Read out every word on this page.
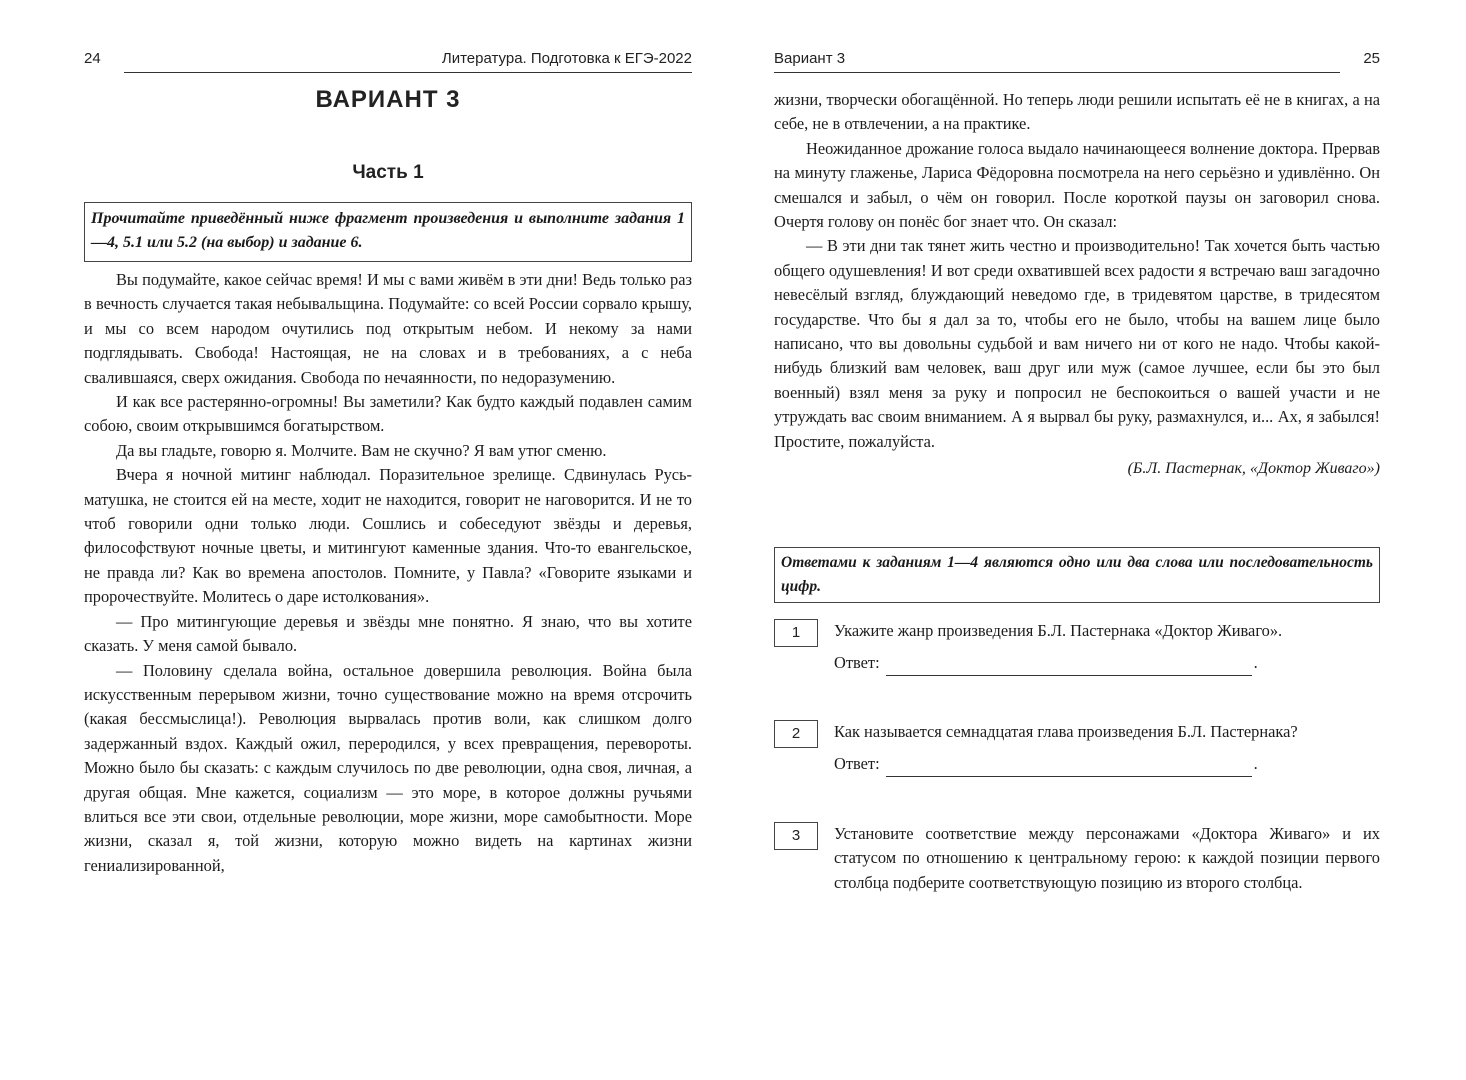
24	Литература. Подготовка к ЕГЭ-2022
ВАРИАНТ 3
Часть 1
Прочитайте приведённый ниже фрагмент произведения и выполните задания 1—4, 5.1 или 5.2 (на выбор) и задание 6.

Вы подумайте, какое сейчас время! И мы с вами живём в эти дни! Ведь только раз в вечность случается такая небывальщина. Подумайте: со всей России сорвало крышу, и мы со всем народом очутились под открытым небом. И некому за нами подглядывать. Свобода! Настоящая, не на словах и в требованиях, а с неба свалившаяся, сверх ожидания. Свобода по нечаянности, по недоразумению.

И как все растерянно-огромны! Вы заметили? Как будто каждый подавлен самим собою, своим открывшимся богатырством.

Да вы гладьте, говорю я. Молчите. Вам не скучно? Я вам утюг сменю.

Вчера я ночной митинг наблюдал. Поразительное зрелище. Сдвинулась Русь-матушка, не стоится ей на месте, ходит не находится, говорит не наговорится. И не то чтоб говорили одни только люди. Сошлись и собеседуют звёзды и деревья, философствуют ночные цветы, и митингуют каменные здания. Что-то евангельское, не правда ли? Как во времена апостолов. Помните, у Павла? «Говорите языками и пророчествуйте. Молитесь о даре истолкования».

— Про митингующие деревья и звёзды мне понятно. Я знаю, что вы хотите сказать. У меня самой бывало.

— Половину сделала война, остальное довершила революция. Война была искусственным перерывом жизни, точно существование можно на время отсрочить (какая бессмыслица!). Революция вырвалась против воли, как слишком долго задержанный вздох. Каждый ожил, переродился, у всех превращения, перевороты. Можно было бы сказать: с каждым случилось по две революции, одна своя, личная, а другая общая. Мне кажется, социализм — это море, в которое должны ручьями влиться все эти свои, отдельные революции, море жизни, море самобытности. Море жизни, сказал я, той жизни, которую можно видеть на картинах жизни гениализированной,

Вариант 3	25

жизни, творчески обогащённой. Но теперь люди решили испытать её не в книгах, а на себе, не в отвлечении, а на практике.

Неожиданное дрожание голоса выдало начинающееся волнение доктора. Прервав на минуту глаженье, Лариса Фёдоровна посмотрела на него серьёзно и удивлённо. Он смешался и забыл, о чём он говорил. После короткой паузы он заговорил снова. Очертя голову он понёс бог знает что. Он сказал:

— В эти дни так тянет жить честно и производительно! Так хочется быть частью общего одушевления! И вот среди охватившей всех радости я встречаю ваш загадочно невесёлый взгляд, блуждающий неведомо где, в тридевятом царстве, в тридесятом государстве. Что бы я дал за то, чтобы его не было, чтобы на вашем лице было написано, что вы довольны судьбой и вам ничего ни от кого не надо. Чтобы какой-нибудь близкий вам человек, ваш друг или муж (самое лучшее, если бы это был военный) взял меня за руку и попросил не беспокоиться о вашей участи и не утруждать вас своим вниманием. А я вырвал бы руку, размахнулся, и... Ах, я забылся! Простите, пожалуйста.

(Б.Л. Пастернак, «Доктор Живаго»)
Ответами к заданиям 1—4 являются одно или два слова или последовательность цифр.
1	Укажите жанр произведения Б.Л. Пастернака «Доктор Живаго».
Ответ:	.
2	Как называется семнадцатая глава произведения Б.Л. Пастернака?
Ответ:	.
3	Установите соответствие между персонажами «Доктора Живаго» и их статусом по отношению к центральному герою: к каждой позиции первого столбца подберите соответствующую позицию из второго столбца.
